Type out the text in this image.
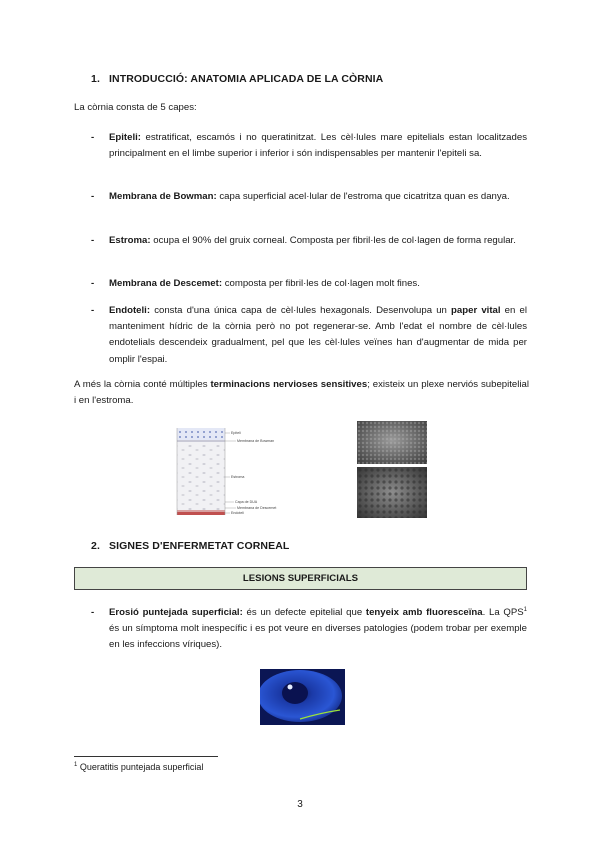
1. INTRODUCCIÓ: ANATOMIA APLICADA DE LA CÒRNIA
La còrnia consta de 5 capes:
- Epiteli: estratificat, escamós i no queratinitzat. Les cèl·lules mare epitelials estan localitzades principalment en el limbe superior i inferior i són indispensables per mantenir l'epiteli sa.
- Membrana de Bowman: capa superficial acel·lular de l'estroma que cicatritza quan es danya.
- Estroma: ocupa el 90% del gruix corneal. Composta per fibril·les de col·lagen de forma regular.
- Membrana de Descemet: composta per fibril·les de col·lagen molt fines.
- Endoteli: consta d'una única capa de cèl·lules hexagonals. Desenvolupa un paper vital en el manteniment hídric de la còrnia però no pot regenerar-se. Amb l'edat el nombre de cèl·lules endotelials descendeix gradualment, pel que les cèl·lules veïnes han d'augmentar de mida per omplir l'espai.
A més la còrnia conté múltiples terminacions nervioses sensitives; existeix un plexe nerviós subepitelial i en l'estroma.
Epiteli
Membrana de Bowman
Estroma
Capa de DUA
Membrana de Descemet
Endoteli
2. SIGNES D'ENFERMETAT CORNEAL
LESIONS SUPERFICIALS
- Erosió puntejada superficial: és un defecte epitelial que tenyeix amb fluoresceïna. La QPS$^1$ és un símptoma molt inespecífic i es pot veure en diverses patologies (podem trobar per exemple en les infeccions víriques).
$^1$ Queratitis puntejada superficial
3
